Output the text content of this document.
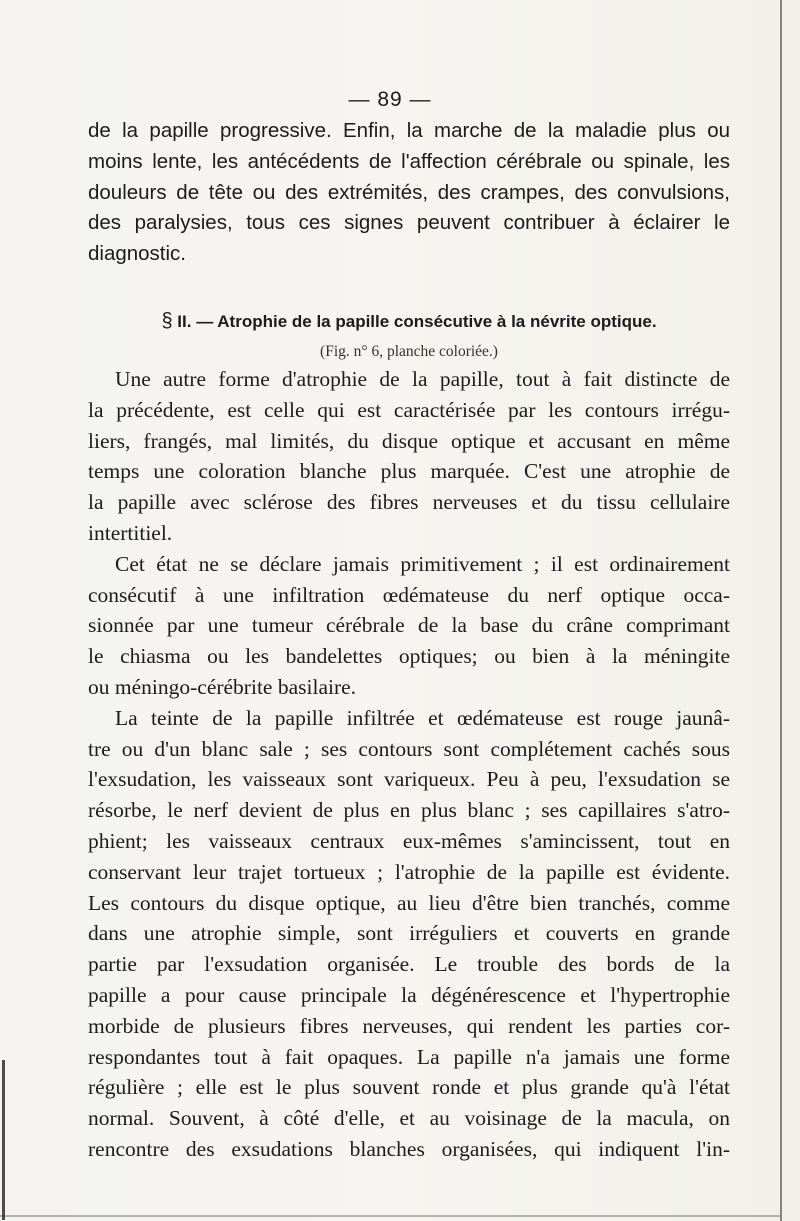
— 89 —
de la papille progressive. Enfin, la marche de la maladie plus ou
moins lente, les antécédents de l'affection cérébrale ou spinale, les
douleurs de tête ou des extrémités, des crampes, des convulsions,
des paralysies, tous ces signes peuvent contribuer à éclairer le
diagnostic.
§ II. — Atrophie de la papille consécutive à la névrite optique.
(Fig. n° 6, planche coloriée.)
Une autre forme d'atrophie de la papille, tout à fait distincte de
la précédente, est celle qui est caractérisée par les contours irrégu-
liers, frangés, mal limités, du disque optique et accusant en même
temps une coloration blanche plus marquée. C'est une atrophie de
la papille avec sclérose des fibres nerveuses et du tissu cellulaire
intertitiel.
Cet état ne se déclare jamais primitivement ; il est ordinairement
consécutif à une infiltration œdémateuse du nerf optique occa-
sionnée par une tumeur cérébrale de la base du crâne comprimant
le chiasma ou les bandelettes optiques; ou bien à la méningite
ou méningo-cérébrite basilaire.
La teinte de la papille infiltrée et œdémateuse est rouge jaunâ-
tre ou d'un blanc sale ; ses contours sont complétement cachés sous
l'exsudation, les vaisseaux sont variqueux. Peu à peu, l'exsudation se
résorbe, le nerf devient de plus en plus blanc ; ses capillaires s'atro-
phient; les vaisseaux centraux eux-mêmes s'amincissent, tout en
conservant leur trajet tortueux ; l'atrophie de la papille est évidente.
Les contours du disque optique, au lieu d'être bien tranchés, comme
dans une atrophie simple, sont irréguliers et couverts en grande
partie par l'exsudation organisée. Le trouble des bords de la
papille a pour cause principale la dégénérescence et l'hypertrophie
morbide de plusieurs fibres nerveuses, qui rendent les parties cor-
respondantes tout à fait opaques. La papille n'a jamais une forme
régulière ; elle est le plus souvent ronde et plus grande qu'à l'état
normal. Souvent, à côté d'elle, et au voisinage de la macula, on
rencontre des exsudations blanches organisées, qui indiquent l'in-
